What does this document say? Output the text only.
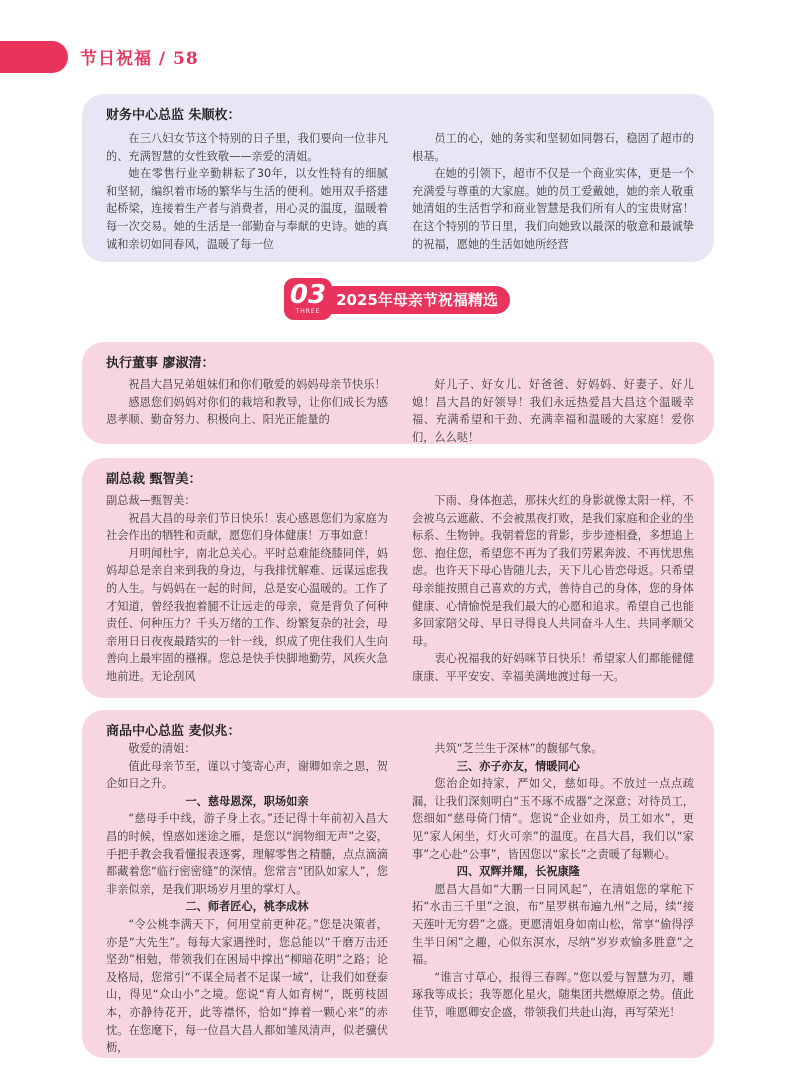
节日祝福 / 58
财务中心总监 朱顺枚：

在三八妇女节这个特别的日子里，我们要向一位非凡的、充满智慧的女性致敬——亲爱的清姐。

她在零售行业辛勤耕耘了30年，以女性特有的细腻和坚韧，编织着市场的繁华与生活的便利。她用双手搭建起桥梁，连接着生产者与消费者，用心灵的温度，温暖着每一次交易。她的生活是一部勤奋与奉献的史诗。她的真诚和亲切如同春风，温暖了每一位

员工的心，她的务实和坚韧如同磐石，稳固了超市的根基。

在她的引领下，超市不仅是一个商业实体，更是一个充满爱与尊重的大家庭。她的员工爱戴她，她的亲人敬重她清姐的生活哲学和商业智慧是我们所有人的宝贵财富！在这个特别的节日里，我们向她致以最深的敬意和最诚挚的祝福，愿她的生活如她所经营

2025年母亲节祝福精选
03
THREE
执行董事 廖淑清：

祝昌大昌兄弟姐妹们和你们敬爱的妈妈母亲节快乐！

感恩您们妈妈对你们的栽培和教导，让你们成长为感恩孝顺、勤奋努力、积极向上、阳光正能量的

好儿子、好女儿、好爸爸、好妈妈、好妻子、好儿媳！昌大昌的好领导！我们永远热爱昌大昌这个温暖幸福、充满希望和干劲、充满幸福和温暖的大家庭！爱你们，么么哒！

副总裁 甄智美：

副总裁—甄智美：

祝昌大昌的母亲们节日快乐！衷心感恩您们为家庭为社会作出的牺牲和贡献，愿您们身体健康！万事如意！

月明闻杜宇，南北总关心。平时总难能绕膝同伴，妈妈却总是亲自来到我的身边，与我排忧解难、远谋远虑我的人生。与妈妈在一起的时间，总是安心温暖的。工作了才知道，曾经我抱着腿不让远走的母亲，竟是背负了何种责任、何种压力？千头万绪的工作、纷繁复杂的社会，母亲用日日夜夜最踏实的一针一线，织成了兜住我们人生向善向上最牢固的襁褓。您总是快手快脚地勤劳，风疾火急地前进。无论刮风

下雨、身体抱恙，那抹火红的身影就像太阳一样，不会被乌云遮蔽、不会被黑夜打败，是我们家庭和企业的坐标系、生物钟。我朝着您的背影，步步迹相叠，多想追上您、抱住您，希望您不再为了我们劳累奔波、不再忧思焦虑。也许天下母心皆随儿去，天下儿心皆恋母返。只希望母亲能按照自己喜欢的方式，善待自己的身体，您的身体健康、心情愉悦是我们最大的心愿和追求。希望自己也能多回家陪父母、早日寻得良人共同奋斗人生、共同孝顺父母。

衷心祝福我的好妈咪节日快乐！希望家人们都能健健康康、平平安安、幸福美满地渡过每一天。

商品中心总监 麦似兆：

敬爱的清姐：

值此母亲节至，谨以寸笺寄心声，谢卿如亲之恩，贺企如日之升。

一、慈母恩深，职场如亲

“慈母手中线，游子身上衣。”还记得十年前初入昌大昌的时候，惶惑如迷途之雁，是您以“润物细无声”之姿，手把手教会我看懂报表逐雾，理解零售之精髓，点点滴滴都藏着您“临行密密缝”的深情。您常言“团队如家人”，您非亲似亲，是我们职场岁月里的掌灯人。

二、师者匠心，桃李成林

“令公桃李满天下，何用堂前更种花。”您是决策者，亦是“大先生”。每每大家遇挫时，您总能以“千磨万击还坚劲”相勉，带领我们在困局中撑出“柳暗花明”之路；论及格局，您常引“不谋全局者不足谋一域”，让我们如登泰山，得见“众山小”之境。您说“育人如育树”，既剪枝固本，亦静待花开，此等襟怀，恰如“捧着一颗心来”的赤忱。在您麾下，每一位昌大昌人都如雏凤清声，似老骥伏枥，

共筑“芝兰生于深林”的馥郁气象。

三、亦子亦友，情暖同心

您治企如持家，严如父，慈如母。不放过一点点疏漏，让我们深刻明白“玉不琢不成器”之深意；对待员工，您细如“慈母倚门情”。您说“企业如舟，员工如水”，更见“家人闲坐，灯火可亲”的温度。在昌大昌，我们以“家事”之心赴“公事”，皆因您以“家长”之责暖了每颗心。

四、双辉并耀，长祝康隆

愿昌大昌如“大鹏一日同风起”，在清姐您的掌舵下拓“水击三千里”之浪，布“星罗棋布遍九州”之局，续“接天莲叶无穷碧”之盛。更愿清姐身如南山松，常享“偷得浮生半日闲”之趣，心似东溟水，尽纳“岁岁欢愉多胜意”之福。

“谁言寸草心，报得三春晖。”您以爱与智慧为刃，雕琢我等成长；我等愿化星火，随集团共燃燎原之势。值此佳节，唯愿卿安企盛，带领我们共赴山海，再写荣光！
